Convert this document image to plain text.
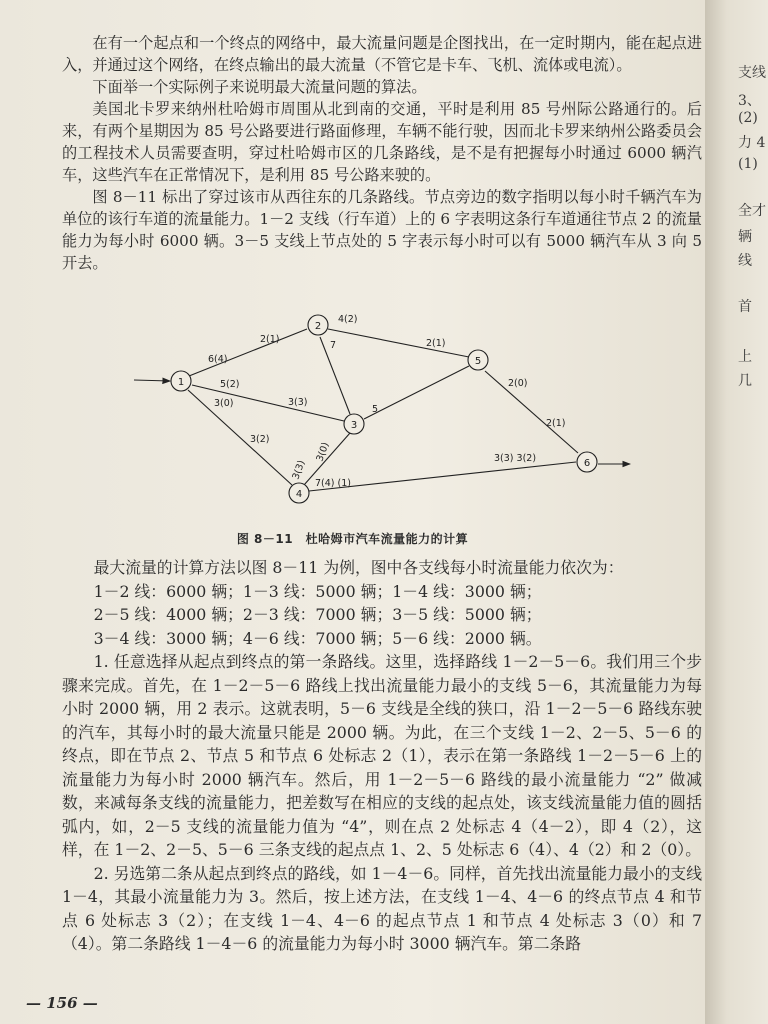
支线
3、
(2)
力 4
(1)
全才
辆
线
首
上
几

在有一个起点和一个终点的网络中，最大流量问题是企图找出，在一定时期内，能在起点进入，并通过这个网络，在终点输出的最大流量（不管它是卡车、飞机、流体或电流）。

下面举一个实际例子来说明最大流量问题的算法。

美国北卡罗来纳州杜哈姆市周围从北到南的交通，平时是利用 85 号州际公路通行的。后来，有两个星期因为 85 号公路要进行路面修理，车辆不能行驶，因而北卡罗来纳州公路委员会的工程技术人员需要查明，穿过杜哈姆市区的几条路线，是不是有把握每小时通过 6000 辆汽车，这些汽车在正常情况下，是利用 85 号公路来驶的。

图 8－11 标出了穿过该市从西往东的几条路线。节点旁边的数字指明以每小时千辆汽车为单位的该行车道的流量能力。1－2 支线（行车道）上的 6 字表明这条行车道通往节点 2 的流量能力为每小时 6000 辆。3－5 支线上节点处的 5 字表示每小时可以有 5000 辆汽车从 3 向 5 开去。

1
2
3
4
5
6
6(4)
2(1)
4(2)
2(1)
7
5(2)
3(3)
3(0)
3(2)
5
3(0)
3(3)
2(0)
2(1)
7(4) (1)
3(3) 3(2)
图 8－11　杜哈姆市汽车流量能力的计算

最大流量的计算方法以图 8－11 为例，图中各支线每小时流量能力依次为：

1－2 线：6000 辆；1－3 线：5000 辆；1－4 线：3000 辆；

2－5 线：4000 辆；2－3 线：7000 辆；3－5 线：5000 辆；

3－4 线：3000 辆；4－6 线：7000 辆；5－6 线：2000 辆。

1. 任意选择从起点到终点的第一条路线。这里，选择路线 1－2－5－6。我们用三个步骤来完成。首先，在 1－2－5－6 路线上找出流量能力最小的支线 5－6，其流量能力为每小时 2000 辆，用 2 表示。这就表明，5－6 支线是全线的狭口，沿 1－2－5－6 路线东驶的汽车，其每小时的最大流量只能是 2000 辆。为此，在三个支线 1－2、2－5、5－6 的终点，即在节点 2、节点 5 和节点 6 处标志 2（1），表示在第一条路线 1－2－5－6 上的流量能力为每小时 2000 辆汽车。然后，用 1－2－5－6 路线的最小流量能力 “2” 做减数，来减每条支线的流量能力，把差数写在相应的支线的起点处，该支线流量能力值的圆括弧内，如，2－5 支线的流量能力值为 “4”，则在点 2 处标志 4（4－2），即 4（2），这样，在 1－2、2－5、5－6 三条支线的起点点 1、2、5 处标志 6（4）、4（2）和 2（0）。

2. 另选第二条从起点到终点的路线，如 1－4－6。同样，首先找出流量能力最小的支线 1－4，其最小流量能力为 3。然后，按上述方法，在支线 1－4、4－6 的终点节点 4 和节点 6 处标志 3（2）；在支线 1－4、4－6 的起点节点 1 和节点 4 处标志 3（0）和 7（4）。第二条路线 1－4－6 的流量能力为每小时 3000 辆汽车。第二条路

— 156 —
